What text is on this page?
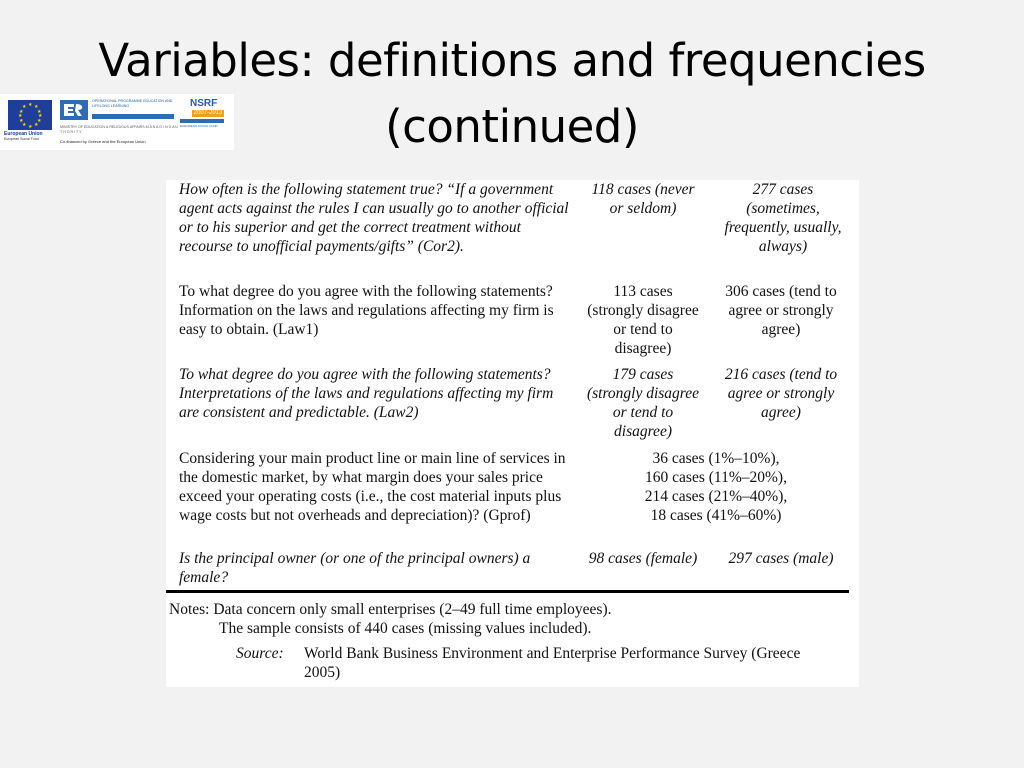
Variables: definitions and frequencies
(continued)
★ ★
★
★
★
★
★
★
★
★
★
★
European Union
European Social Fund
OPERATIONAL PROGRAMME EDUCATION AND LIFELONG LEARNING
MINISTRY OF EDUCATION & RELIGIOUS AFFAIRS M A N A G I N G A U T H O R I T Y
Co-financed by Greece and the European Union
NSRF
2007-2013
EUROPEAN SOCIAL FUND
How often is the following statement true? “If a government agent acts against the rules I can usually go to another official or to his superior and get the correct treatment without recourse to unofficial payments/gifts” (Cor2).
118 cases (never or seldom)
277 cases (sometimes, frequently, usually, always)
To what degree do you agree with the following statements? Information on the laws and regulations affecting my firm is easy to obtain. (Law1)
113 cases (strongly disagree or tend to disagree)
306 cases (tend to agree or strongly agree)
To what degree do you agree with the following statements? Interpretations of the laws and regulations affecting my firm are consistent and predictable. (Law2)
179 cases (strongly disagree or tend to disagree)
216 cases (tend to agree or strongly agree)
Considering your main product line or main line of services in the domestic market, by what margin does your sales price exceed your operating costs (i.e., the cost material inputs plus wage costs but not overheads and depreciation)? (Gprof)
36 cases (1%–10%),
160 cases (11%–20%),
214 cases (21%–40%),
18 cases (41%–60%)
Is the principal owner (or one of the principal owners) a female?
98 cases (female)	297 cases (male)
Notes: Data concern only small enterprises (2–49 full time employees).
The sample consists of 440 cases (missing values included).
Source: World Bank Business Environment and Enterprise Performance Survey (Greece 2005)
